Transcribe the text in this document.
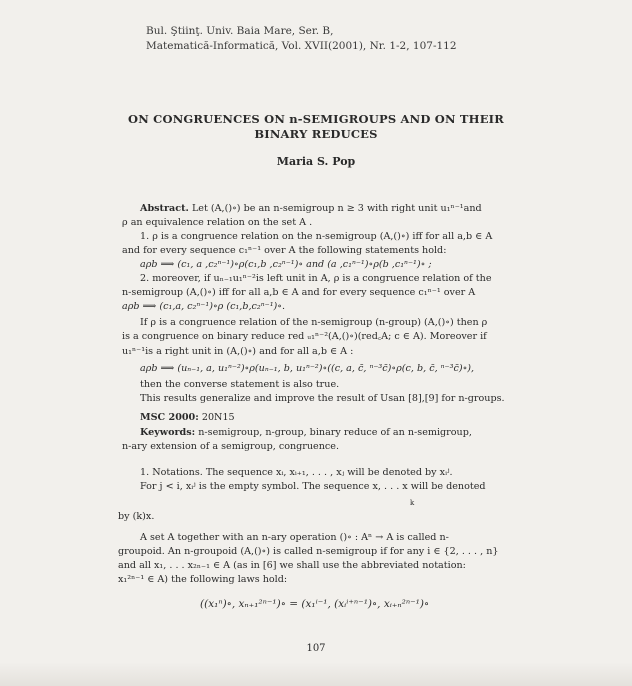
Bul. Ştiinţ. Univ. Baia Mare, Ser. B,
Matematică-Informatică, Vol. XVII(2001), Nr. 1-2, 107-112
ON CONGRUENCES ON n-SEMIGROUPS AND ON THEIR
BINARY REDUCES
Maria S. Pop
Abstract. Let (A,()∘) be an n-semigroup n ≥ 3 with right unit u₁ⁿ⁻¹and
ρ an equivalence relation on the set A .
1. ρ is a congruence relation on the n-semigroup (A,()∘) iff for all a,b ∈ A
and for every sequence c₁ⁿ⁻¹ over A the following statements hold:
aρb ⟹ (c₁, a ,c₂ⁿ⁻¹)∘ρ(c₁,b ,c₂ⁿ⁻¹)∘ and (a ,c₁ⁿ⁻¹)∘ρ(b ,c₁ⁿ⁻¹)∘ ;
2. moreover, if uₙ₋₁u₁ⁿ⁻²is left unit in A, ρ is a congruence relation of the
n-semigroup (A,()∘) iff for all a,b ∈ A and for every sequence c₁ⁿ⁻¹ over A
aρb ⟹ (c₁,a, c₂ⁿ⁻¹)∘ρ (c₁,b,c₂ⁿ⁻¹)∘.
If ρ is a congruence relation of the n-semigroup (n-group) (A,()∘) then ρ
is a congruence on binary reduce red ᵤ₁ⁿ⁻²(A,()∘)(red꜀A; c ∈ A). Moreover if
u₁ⁿ⁻¹is a right unit in (A,()∘) and for all a,b ∈ A :
aρb ⟹ (uₙ₋₁, a, u₁ⁿ⁻²)∘ρ(uₙ₋₁, b, u₁ⁿ⁻²)∘((c, a, c̄, ⁿ⁻³c̄)∘ρ(c, b, c̄, ⁿ⁻³c̄)∘),
then the converse statement is also true.
This results generalize and improve the result of Usan [8],[9] for n-groups.
MSC 2000: 20N15
Keywords: n-semigroup, n-group, binary reduce of an n-semigroup,
n-ary extension of a semigroup, congruence.
1. Notations. The sequence xᵢ, xᵢ₊₁, . . . , xⱼ will be denoted by xᵢʲ.
For j < i, xᵢʲ is the empty symbol. The sequence x, . . . x will be denoted
k
by (k)x.
A set A together with an n-ary operation ()∘ : Aⁿ → A is called n-
groupoid. An n-groupoid (A,()∘) is called n-semigroup if for any i ∈ {2, . . . , n}
and all x₁, . . . x₂ₙ₋₁ ∈ A (as in [6] we shall use the abbreviated notation:
x₁²ⁿ⁻¹ ∈ A) the following laws hold:
((x₁ⁿ)∘, xₙ₊₁²ⁿ⁻¹)∘ = (x₁ⁱ⁻¹, (xᵢⁱ⁺ⁿ⁻¹)∘, xᵢ₊ₙ²ⁿ⁻¹)∘
107
